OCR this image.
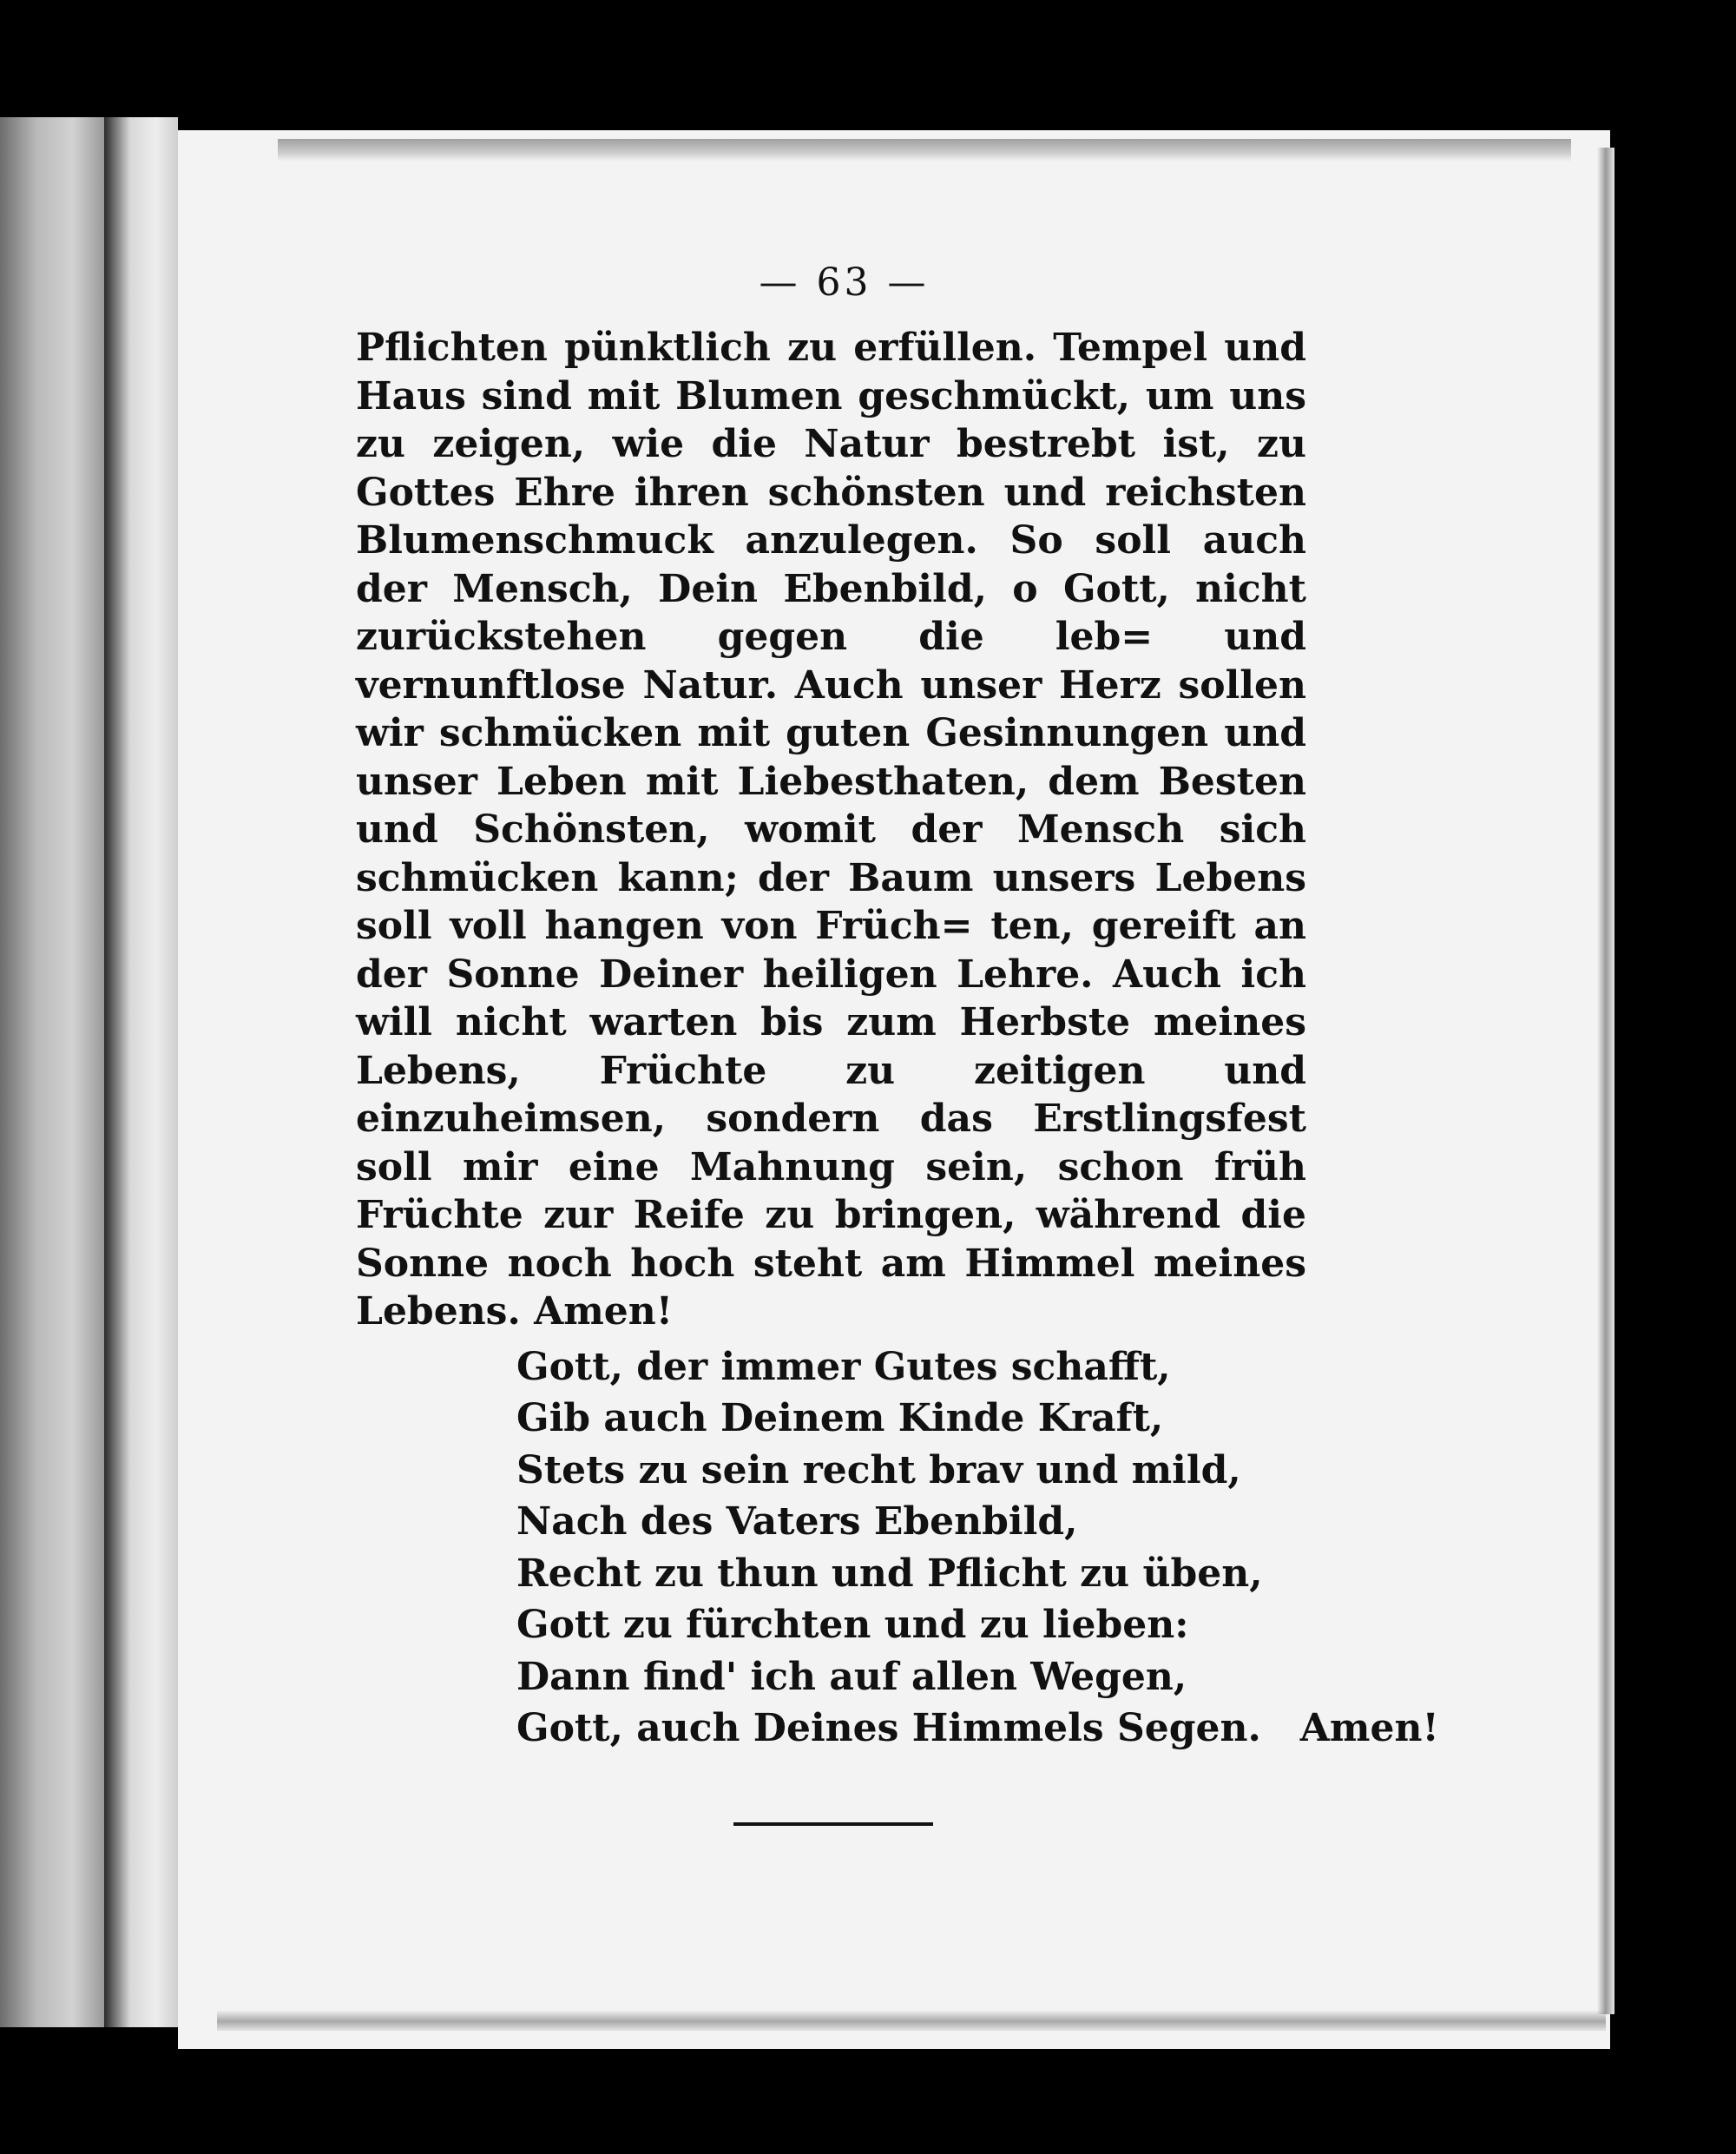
— 63 —

Pflichten pünktlich zu erfüllen. Tempel und Haus sind mit Blumen geschmückt, um uns zu zeigen, wie die Natur bestrebt ist, zu Gottes Ehre ihren schönsten und reichsten Blumenschmuck anzulegen. So soll auch der Mensch, Dein Ebenbild, o Gott, nicht zurückstehen gegen die leb= und vernunftlose Natur. Auch unser Herz sollen wir schmücken mit guten Gesinnungen und unser Leben mit Liebesthaten, dem Besten und Schönsten, womit der Mensch sich schmücken kann; der Baum unsers Lebens soll voll hangen von Früch= ten, gereift an der Sonne Deiner heiligen Lehre. Auch ich will nicht warten bis zum Herbste meines Lebens, Früchte zu zeitigen und einzuheimsen, sondern das Erstlingsfest soll mir eine Mahnung sein, schon früh Früchte zur Reife zu bringen, während die Sonne noch hoch steht am Himmel meines Lebens. Amen!

Gott, der immer Gutes schafft,
Gib auch Deinem Kinde Kraft,
Stets zu sein recht brav und mild,
Nach des Vaters Ebenbild,
Recht zu thun und Pflicht zu üben,
Gott zu fürchten und zu lieben:
Dann find' ich auf allen Wegen,
Gott, auch Deines Himmels Segen. Amen!
